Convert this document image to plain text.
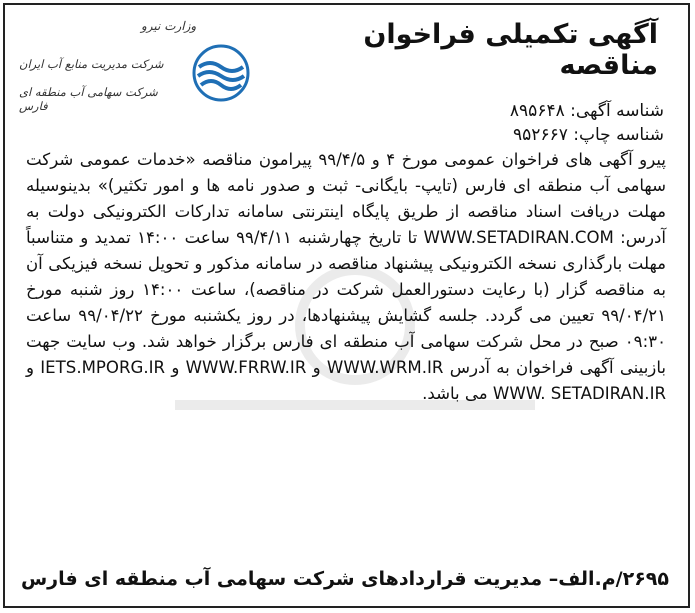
آگهی تکمیلی فراخوان مناقصه
وزارت نیرو
شرکت مدیریت منابع آب ایران
شرکت سهامی آب منطقه ای فارس	شناسه آگهی: ۸۹۵۶۴۸
شناسه چاپ: ۹۵۲۶۶۷
پیرو آگهی های فراخوان عمومی مورخ ۴ و ۹۹/۴/۵ پیرامون مناقصه «خدمات عمومی شرکت سهامی آب منطقه ای فارس (تایپ- بایگانی- ثبت و صدور نامه ها و امور تکثیر)» بدینوسیله مهلت دریافت اسناد مناقصه از طریق پایگاه اینترنتی سامانه تدارکات الکترونیکی دولت به آدرس: WWW.SETADIRAN.COM تا تاریخ چهارشنبه ۹۹/۴/۱۱ ساعت ۱۴:۰۰ تمدید و متناسباً مهلت بارگذاری نسخه الکترونیکی پیشنهاد مناقصه در سامانه مذکور و تحویل نسخه فیزیکی آن به مناقصه گزار (با رعایت دستورالعمل شرکت در مناقصه)، ساعت ۱۴:۰۰ روز شنبه مورخ ۹۹/۰۴/۲۱ تعیین می گردد. جلسه گشایش پیشنهادها، در روز یکشنبه مورخ ۹۹/۰۴/۲۲ ساعت ۰۹:۳۰ صبح در محل شرکت سهامی آب منطقه ای فارس برگزار خواهد شد. وب سایت جهت بازبینی آگهی فراخوان به آدرس WWW.WRM.IR و WWW.FRRW.IR و IETS.MPORG.IR و WWW. SETADIRAN.IR می باشد.
۲۶۹۵/م.الف– مدیریت قراردادهای شرکت سهامی آب منطقه ای فارس
